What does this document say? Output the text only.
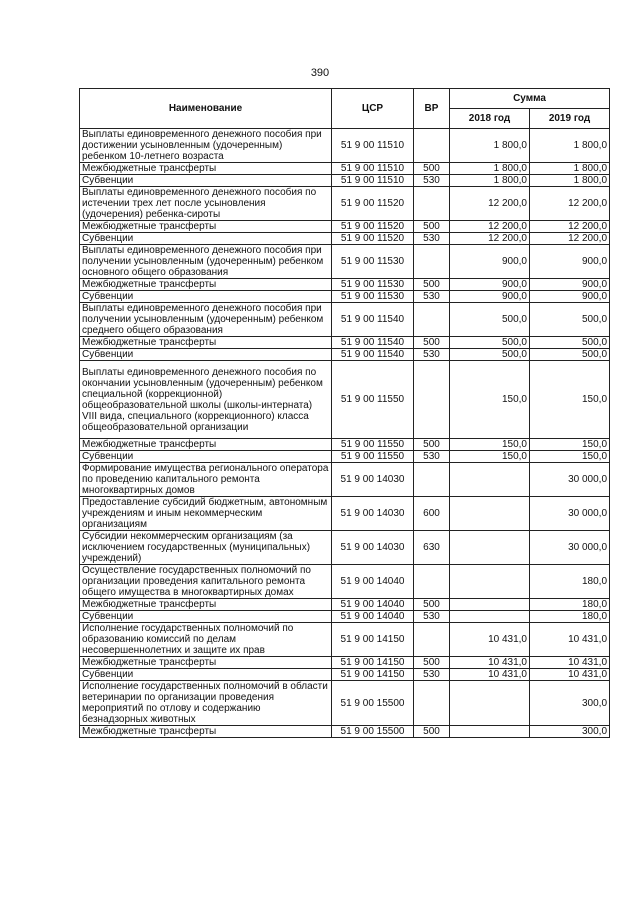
390
Наименование	ЦСР	ВР	Сумма	
			2018 год	2019 год
Выплаты единовременного денежного пособия при достижении усыновленным (удочеренным) ребенком 10-летнего возраста	51 9 00 11510		1 800,0	1 800,0
Межбюджетные трансферты	51 9 00 11510	500	1 800,0	1 800,0
Субвенции	51 9 00 11510	530	1 800,0	1 800,0
Выплаты единовременного денежного пособия по истечении трех лет после усыновления (удочерения) ребенка-сироты	51 9 00 11520		12 200,0	12 200,0
Межбюджетные трансферты	51 9 00 11520	500	12 200,0	12 200,0
Субвенции	51 9 00 11520	530	12 200,0	12 200,0
Выплаты единовременного денежного пособия при получении усыновленным (удочеренным) ребенком основного общего образования	51 9 00 11530		900,0	900,0
Межбюджетные трансферты	51 9 00 11530	500	900,0	900,0
Субвенции	51 9 00 11530	530	900,0	900,0
Выплаты единовременного денежного пособия при получении усыновленным (удочеренным) ребенком среднего общего образования	51 9 00 11540		500,0	500,0
Межбюджетные трансферты	51 9 00 11540	500	500,0	500,0
Субвенции	51 9 00 11540	530	500,0	500,0
Выплаты единовременного денежного пособия по окончании усыновленным (удочеренным) ребенком специальной (коррекционной) общеобразовательной школы (школы-интерната) VIII вида, специального (коррекционного) класса общеобразовательной организации	51 9 00 11550		150,0	150,0
Межбюджетные трансферты	51 9 00 11550	500	150,0	150,0
Субвенции	51 9 00 11550	530	150,0	150,0
Формирование имущества регионального оператора по проведению капитального ремонта многоквартирных домов	51 9 00 14030			30 000,0
Предоставление субсидий бюджетным, автономным учреждениям и иным некоммерческим организациям	51 9 00 14030	600		30 000,0
Субсидии некоммерческим организациям (за исключением государственных (муниципальных) учреждений)	51 9 00 14030	630		30 000,0
Осуществление государственных полномочий по организации проведения капитального ремонта общего имущества в многоквартирных домах	51 9 00 14040			180,0
Межбюджетные трансферты	51 9 00 14040	500		180,0
Субвенции	51 9 00 14040	530		180,0
Исполнение государственных полномочий по образованию комиссий по делам несовершеннолетних и защите их прав	51 9 00 14150		10 431,0	10 431,0
Межбюджетные трансферты	51 9 00 14150	500	10 431,0	10 431,0
Субвенции	51 9 00 14150	530	10 431,0	10 431,0
Исполнение государственных полномочий в области ветеринарии по организации проведения мероприятий по отлову и содержанию безнадзорных животных	51 9 00 15500			300,0
Межбюджетные трансферты	51 9 00 15500	500		300,0
